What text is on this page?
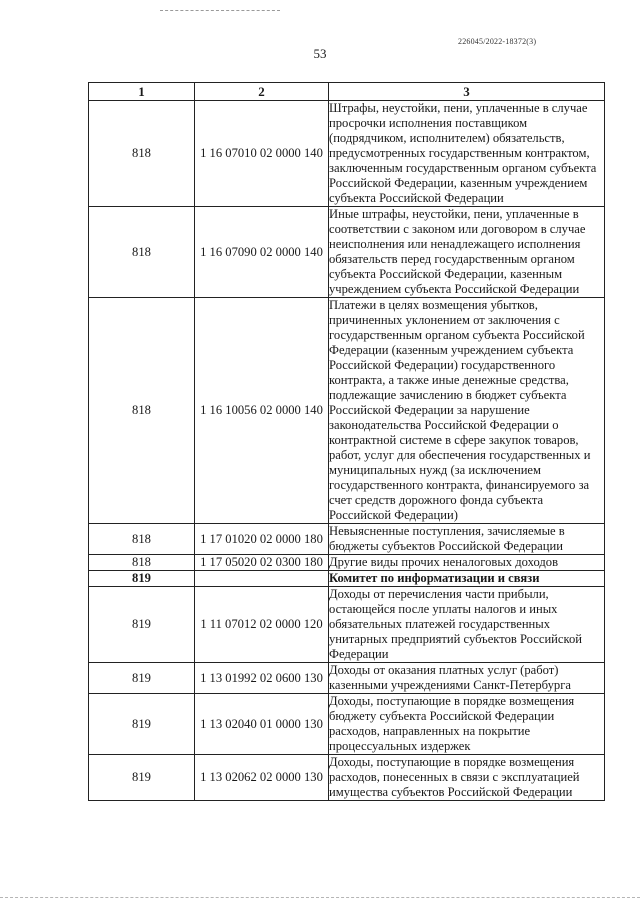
226045/2022-18372(3)
53
1	2	3
818	1 16 07010 02 0000 140	Штрафы, неустойки, пени, уплаченные в случае просрочки исполнения поставщиком (подрядчиком, исполнителем) обязательств, предусмотренных государственным контрактом, заключенным государственным органом субъекта Российской Федерации, казенным учреждением субъекта Российской Федерации
818	1 16 07090 02 0000 140	Иные штрафы, неустойки, пени, уплаченные в соответствии с законом или договором в случае неисполнения или ненадлежащего исполнения обязательств перед государственным органом субъекта Российской Федерации, казенным учреждением субъекта Российской Федерации
818	1 16 10056 02 0000 140	Платежи в целях возмещения убытков, причиненных уклонением от заключения с государственным органом субъекта Российской Федерации (казенным учреждением субъекта Российской Федерации) государственного контракта, а также иные денежные средства, подлежащие зачислению в бюджет субъекта Российской Федерации за нарушение законодательства Российской Федерации о контрактной системе в сфере закупок товаров, работ, услуг для обеспечения государственных и муниципальных нужд (за исключением государственного контракта, финансируемого за счет средств дорожного фонда субъекта Российской Федерации)
818	1 17 01020 02 0000 180	Невыясненные поступления, зачисляемые в бюджеты субъектов Российской Федерации
818	1 17 05020 02 0300 180	Другие виды прочих неналоговых доходов
819		Комитет по информатизации и связи
819	1 11 07012 02 0000 120	Доходы от перечисления части прибыли, остающейся после уплаты налогов и иных обязательных платежей государственных унитарных предприятий субъектов Российской Федерации
819	1 13 01992 02 0600 130	Доходы от оказания платных услуг (работ) казенными учреждениями Санкт-Петербурга
819	1 13 02040 01 0000 130	Доходы, поступающие в порядке возмещения бюджету субъекта Российской Федерации расходов, направленных на покрытие процессуальных издержек
819	1 13 02062 02 0000 130	Доходы, поступающие в порядке возмещения расходов, понесенных в связи с эксплуатацией имущества субъектов Российской Федерации
